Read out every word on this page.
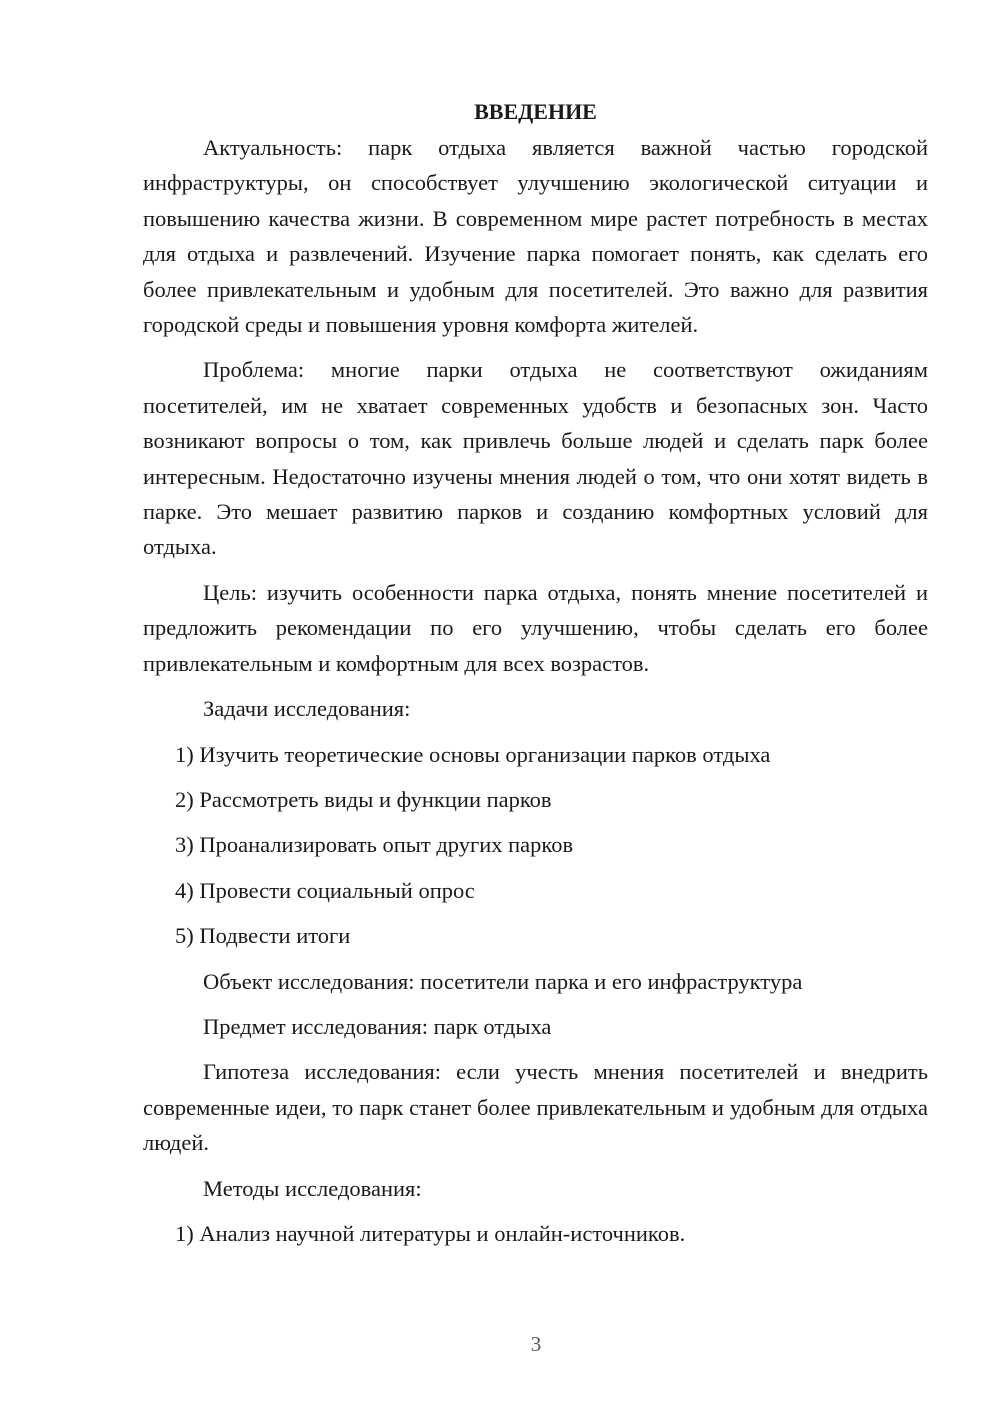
ВВЕДЕНИЕ

Актуальность: парк отдыха является важной частью городской инфраструктуры, он способствует улучшению экологической ситуации и повышению качества жизни. В современном мире растет потребность в местах для отдыха и развлечений. Изучение парка помогает понять, как сделать его более привлекательным и удобным для посетителей. Это важно для развития городской среды и повышения уровня комфорта жителей.

Проблема: многие парки отдыха не соответствуют ожиданиям посетителей, им не хватает современных удобств и безопасных зон. Часто возникают вопросы о том, как привлечь больше людей и сделать парк более интересным. Недостаточно изучены мнения людей о том, что они хотят видеть в парке. Это мешает развитию парков и созданию комфортных условий для отдыха.

Цель: изучить особенности парка отдыха, понять мнение посетителей и предложить рекомендации по его улучшению, чтобы сделать его более привлекательным и комфортным для всех возрастов.

Задачи исследования:

1) Изучить теоретические основы организации парков отдыха

2) Рассмотреть виды и функции парков

3) Проанализировать опыт других парков

4) Провести социальный опрос

5) Подвести итоги

Объект исследования: посетители парка и его инфраструктура

Предмет исследования: парк отдыха

Гипотеза исследования: если учесть мнения посетителей и внедрить современные идеи, то парк станет более привлекательным и удобным для отдыха людей.

Методы исследования:

1) Анализ научной литературы и онлайн-источников.

3
